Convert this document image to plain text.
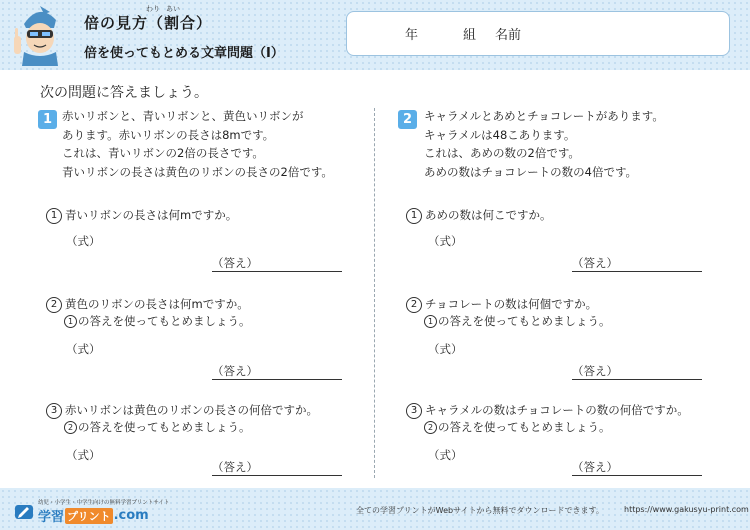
倍の見方（割合）
わり あい
倍を使ってもとめる文章問題（Ⅰ）
年	組 名前
次の問題に答えましょう。
1 赤いリボンと、青いリボンと、黄色いリボンが
あります。赤いリボンの長さは8mです。
これは、青いリボンの2倍の長さです。
青いリボンの長さは黄色のリボンの長さの2倍です。
1 青いリボンの長さは何mですか。
（式）
（答え）
2 黄色のリボンの長さは何mですか。
1 の答えを使ってもとめましょう。
（式）
（答え）
3 赤いリボンは黄色のリボンの長さの何倍ですか。
2 の答えを使ってもとめましょう。
（式）
（答え）
2	キャラメルとあめとチョコレートがあります。
キャラメルは48こあります。
これは、あめの数の2倍です。
あめの数はチョコレートの数の4倍です。
1 あめの数は何こですか。
（式）
（答え）
2 チョコレートの数は何個ですか。
1 の答えを使ってもとめましょう。
（式）
（答え）
3 キャラメルの数はチョコレートの数の何倍ですか。
2 の答えを使ってもとめましょう。
（式）
（答え）
幼児・小学生・中学生向けの無料学習プリントサイト
学習 プリント .com	全ての学習プリントがWebサイトから無料でダウンロードできます。	https://www.gakusyu-print.com
